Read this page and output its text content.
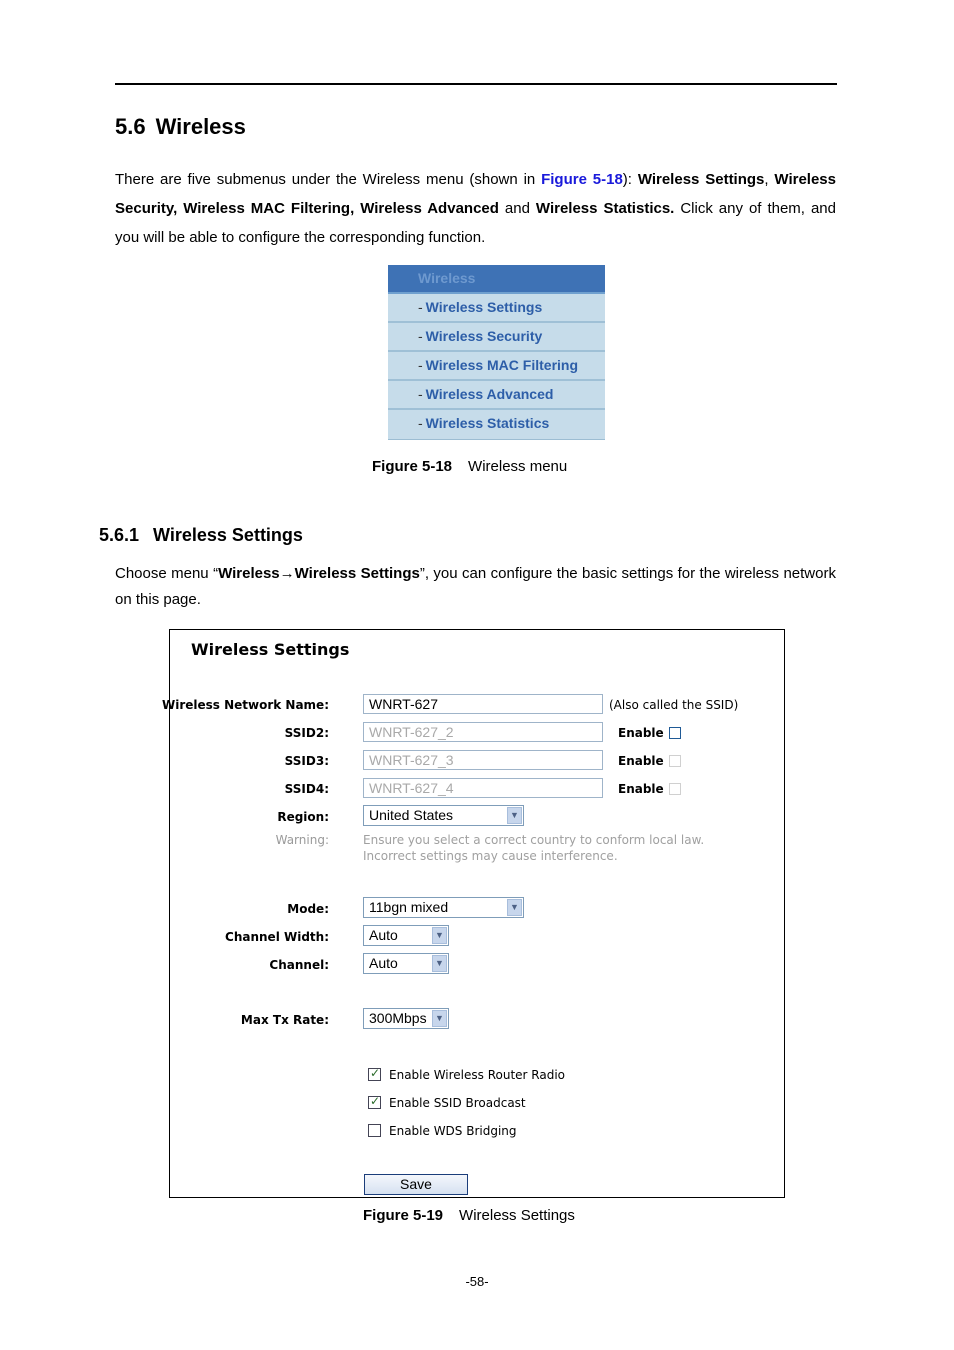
5.6 Wireless
There are five submenus under the Wireless menu (shown in Figure 5-18): Wireless Settings, Wireless Security, Wireless MAC Filtering, Wireless Advanced and Wireless Statistics. Click any of them, and you will be able to configure the corresponding function.
Wireless
- Wireless Settings
- Wireless Security
- Wireless MAC Filtering
- Wireless Advanced
- Wireless Statistics
Figure 5-18 Wireless menu
5.6.1 Wireless Settings
Choose menu “Wireless→Wireless Settings”, you can configure the basic settings for the wireless network on this page.
Wireless Settings
Wireless Network Name:	WNRT-627	(Also called the SSID)
SSID2:	WNRT-627_2	Enable
SSID3:	WNRT-627_3	Enable
SSID4:	WNRT-627_4	Enable
Region:	United States	▼
Warning:	Ensure you select a correct country to conform local law.
Incorrect settings may cause interference.
Mode:	11bgn mixed	▼
Channel Width:	Auto	▼
Channel:	Auto	▼
Max Tx Rate:	300Mbps ▼
✓Enable Wireless Router Radio
✓Enable SSID Broadcast
Enable WDS Bridging
Save
Figure 5-19 Wireless Settings
-58-
